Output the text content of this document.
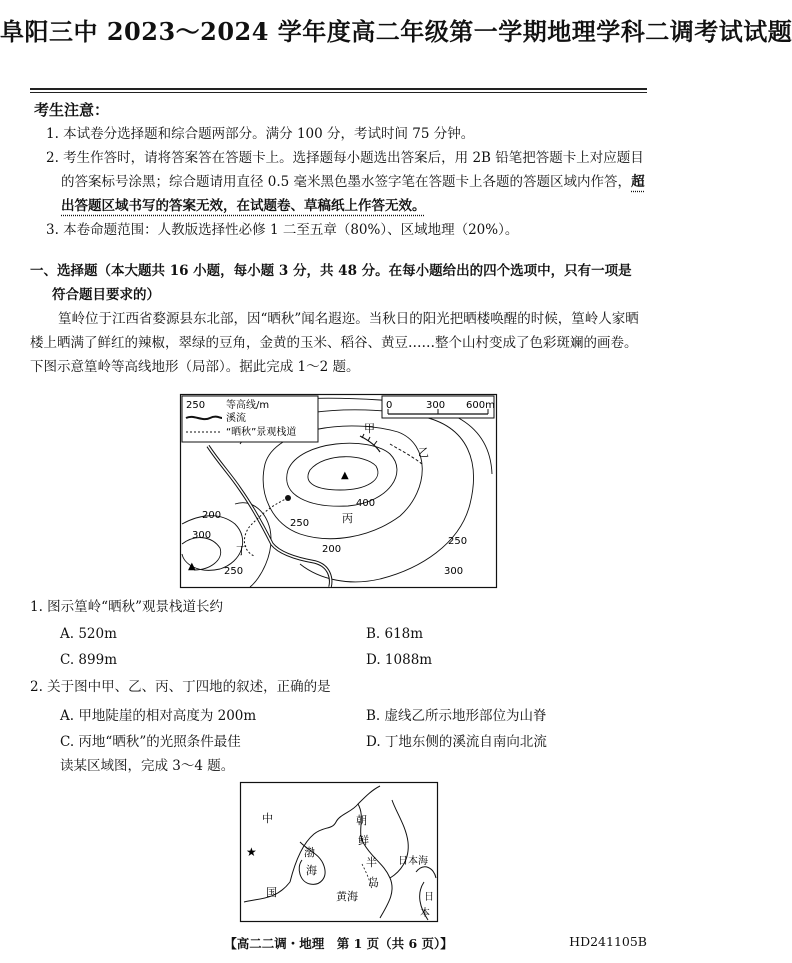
阜阳三中 2023～2024 学年度高二年级第一学期地理学科二调考试试题
考生注意：
1. 本试卷分选择题和综合题两部分。满分 100 分，考试时间 75 分钟。
2. 考生作答时，请将答案答在答题卡上。选择题每小题选出答案后，用 2B 铅笔把答题卡上对应题目的答案标号涂黑；综合题请用直径 0.5 毫米黑色墨水签字笔在答题卡上各题的答题区域内作答，超出答题区域书写的答案无效，在试题卷、草稿纸上作答无效。
3. 本卷命题范围：人教版选择性必修 1 二至五章（80%）、区域地理（20%）。
一、选择题（本大题共 16 小题，每小题 3 分，共 48 分。在每小题给出的四个选项中，只有一项是
符合题目要求的）

篁岭位于江西省婺源县东北部，因“晒秋”闻名遐迩。当秋日的阳光把晒楼唤醒的时候，篁岭人家晒楼上晒满了鲜红的辣椒，翠绿的豆角，金黄的玉米、稻谷、黄豆……整个山村变成了色彩斑斓的画卷。下图示意篁岭等高线地形（局部）。据此完成 1～2 题。

250 等高线/m
溪流
“晒秋”景观栈道
0	300 600m
▲
▲
甲
乙
丙
丁
400
200
250
300
250
200
250	300
1. 图示篁岭“晒秋”观景栈道长约
A. 520m	B. 618m
C. 899m	D. 1088m
2. 关于图中甲、乙、丙、丁四地的叙述，正确的是
A. 甲地陡崖的相对高度为 200m	B. 虚线乙所示地形部位为山脊
C. 丙地“晒秋”的光照条件最佳	D. 丁地东侧的溪流自南向北流
读某区域图，完成 3～4 题。
中
国
渤
海
朝
鲜
半
岛
黄海
日本海
日
本
★
【高二二调・地理　第 1 页（共 6 页）】	HD241105B
